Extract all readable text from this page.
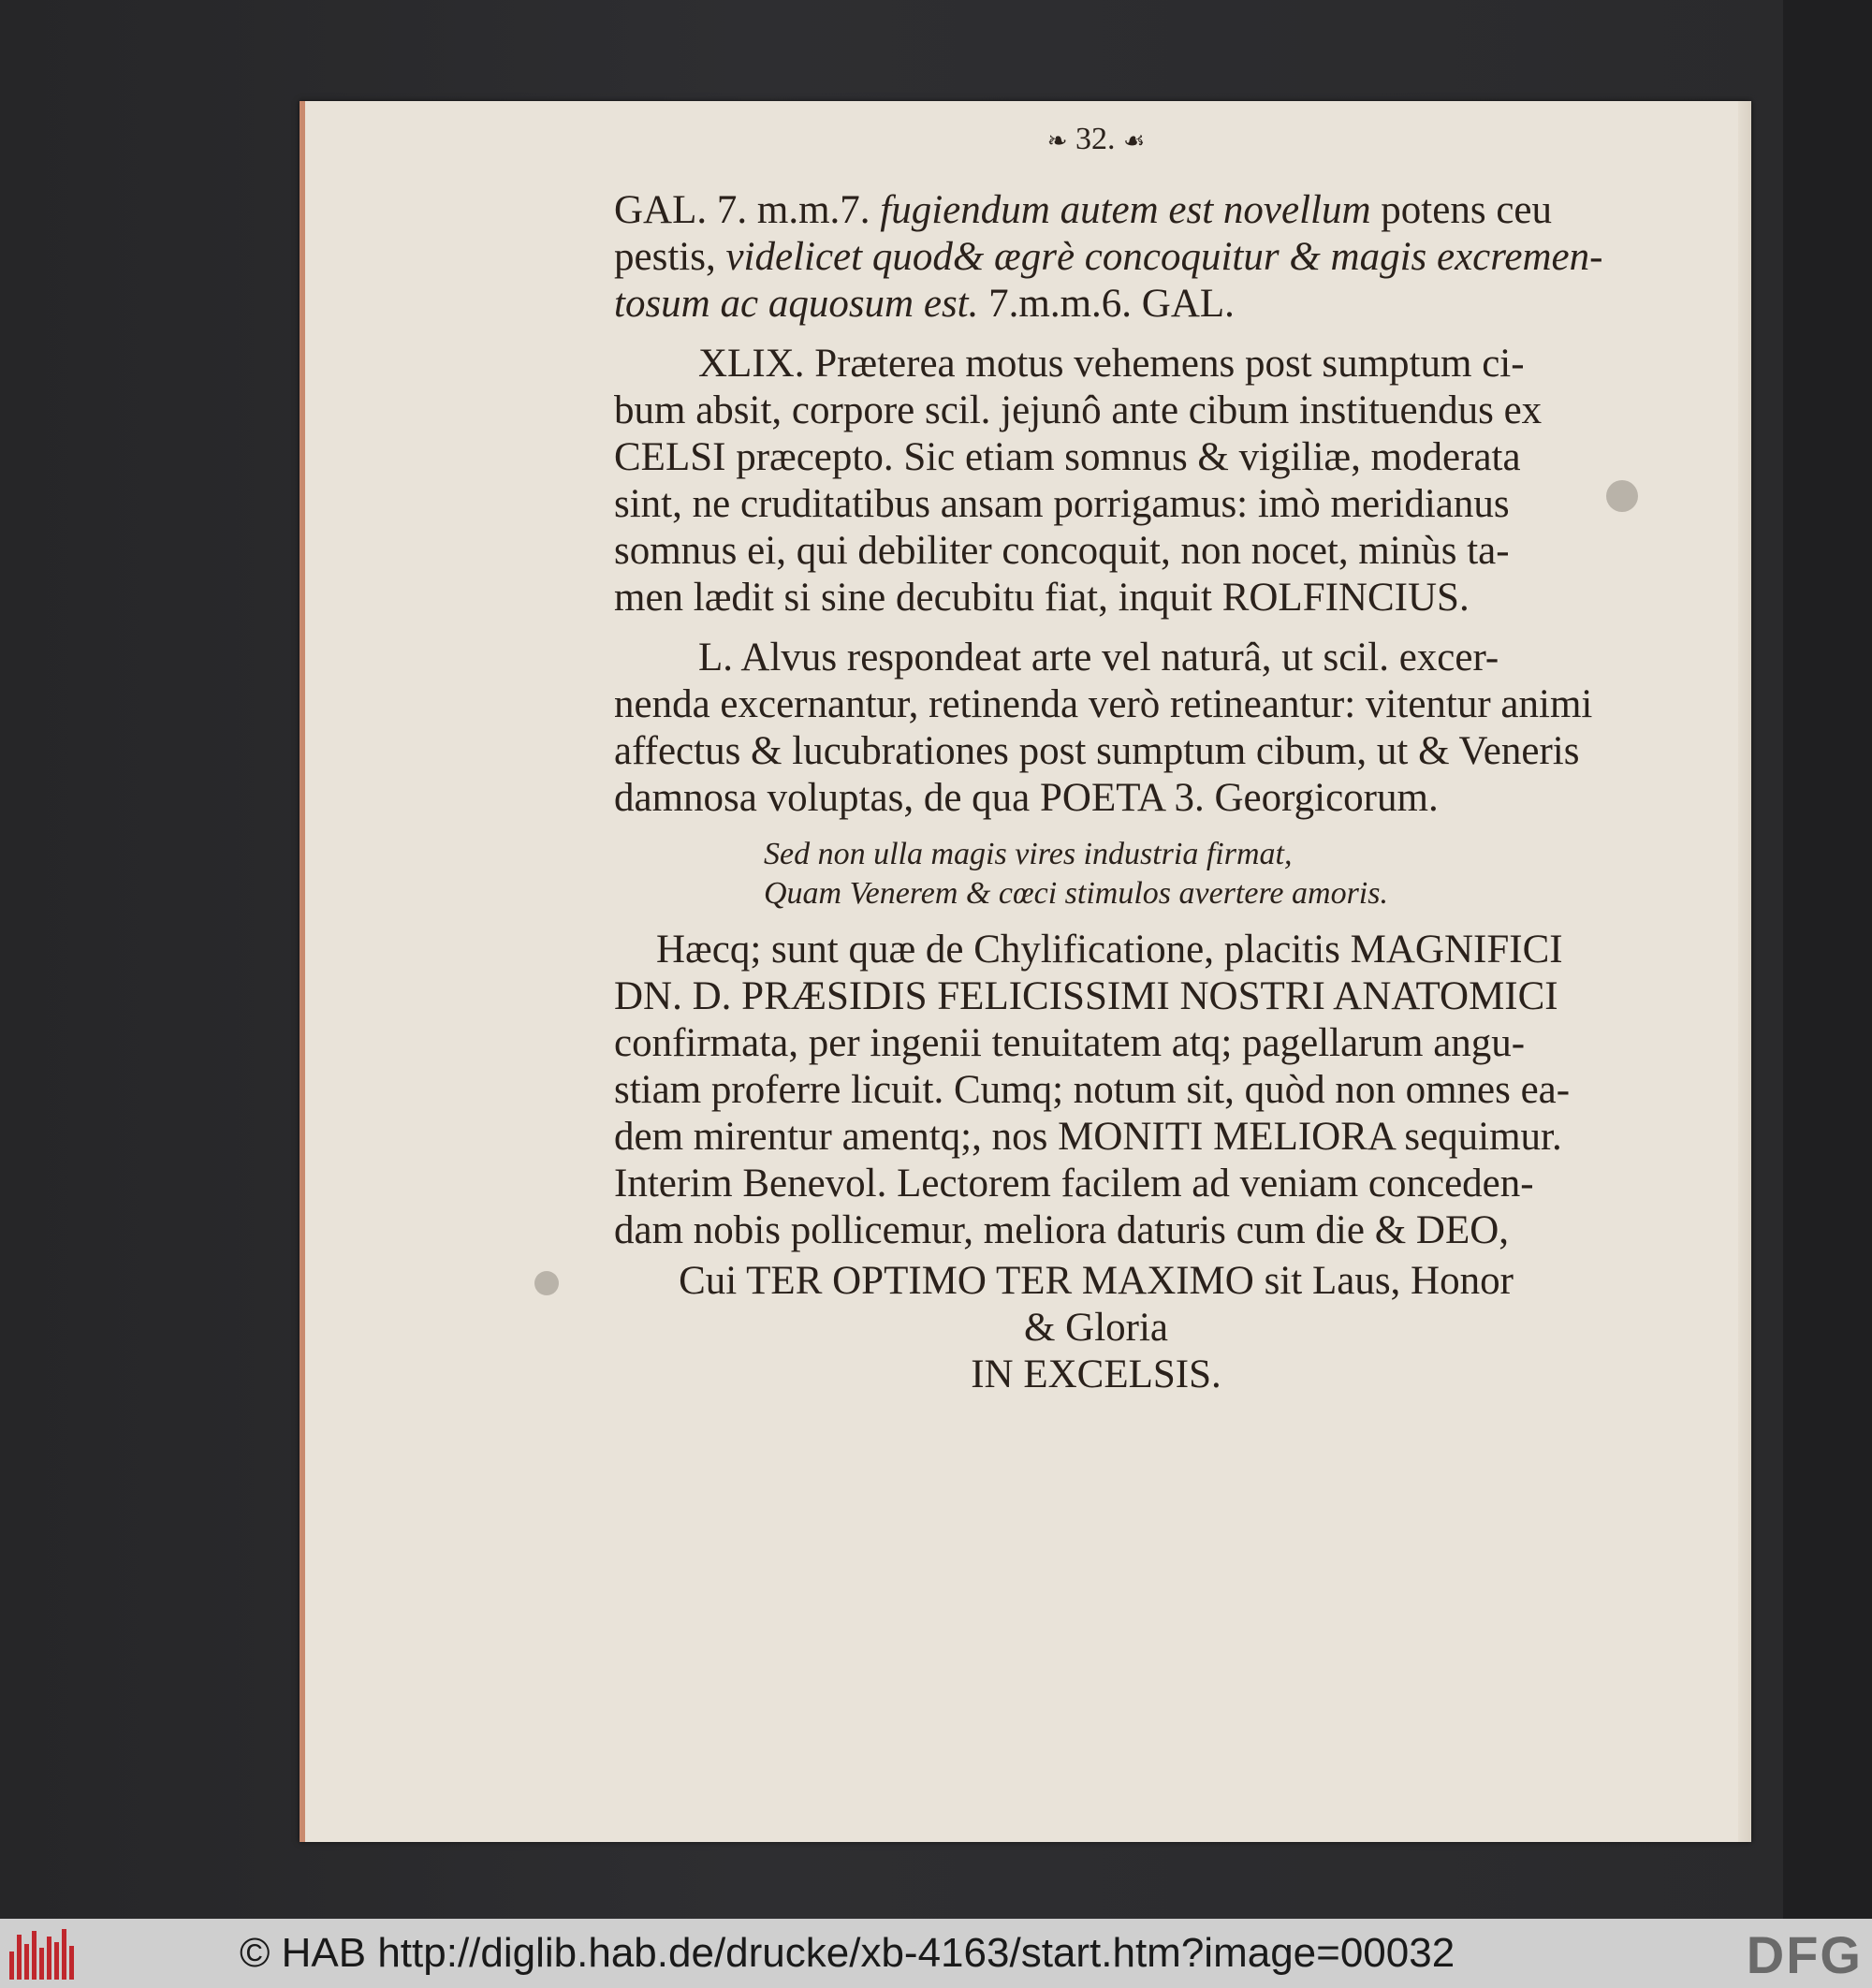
❧ 32. ☙
GAL. 7. m.m.7. fugiendum autem est novellum potens ceu
pestis, videlicet quod& ægrè concoquitur & magis excremen-
tosum ac aquosum est. 7.m.m.6. GAL.
XLIX. Præterea motus vehemens post sumptum ci-
bum absit, corpore scil. jejunô ante cibum instituendus ex
CELSI præcepto. Sic etiam somnus & vigiliæ, moderata
sint, ne cruditatibus ansam porrigamus: imò meridianus
somnus ei, qui debiliter concoquit, non nocet, minùs ta-
men lædit si sine decubitu fiat, inquit ROLFINCIUS.
L. Alvus respondeat arte vel naturâ, ut scil. excer-
nenda excernantur, retinenda verò retineantur: vitentur animi
affectus & lucubrationes post sumptum cibum, ut & Veneris
damnosa voluptas, de qua POETA 3. Georgicorum.
Sed non ulla magis vires industria firmat,
Quam Venerem & cœci stimulos avertere amoris.
Hæcq; sunt quæ de Chylificatione, placitis MAGNIFICI
DN. D. PRÆSIDIS FELICISSIMI NOSTRI ANATOMICI
confirmata, per ingenii tenuitatem atq; pagellarum angu-
stiam proferre licuit. Cumq; notum sit, quòd non omnes ea-
dem mirentur amentq;, nos MONITI MELIORA sequimur.
Interim Benevol. Lectorem facilem ad veniam conceden-
dam nobis pollicemur, meliora daturis cum die & DEO,
Cui TER OPTIMO TER MAXIMO sit Laus, Honor
& Gloria
IN EXCELSIS.
© HAB http://diglib.hab.de/drucke/xb-4163/start.htm?image=00032	DFG
